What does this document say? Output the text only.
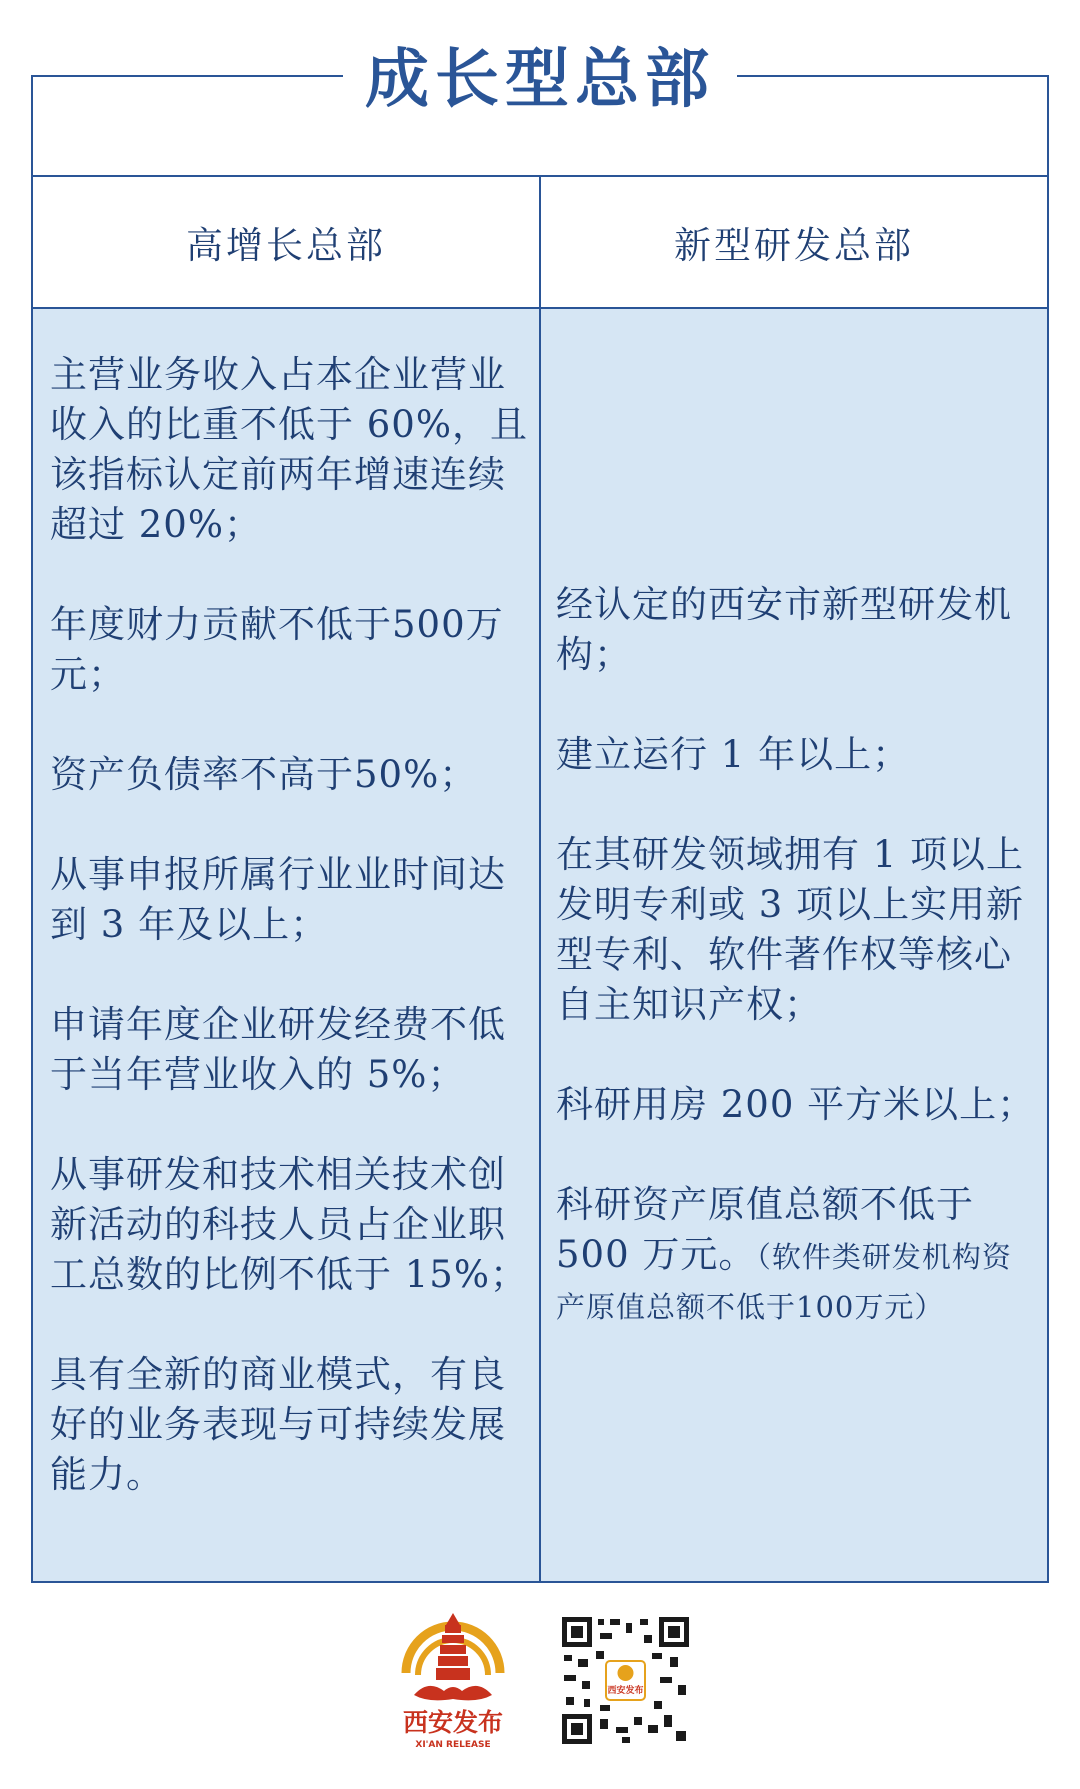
成长型总部
高增长总部	新型研发总部

主营业务收入占本企业营业收入的比重不低于 60%，且该指标认定前两年增速连续超过 20%；

年度财力贡献不低于500万元；

资产负债率不高于50%；

从事申报所属行业业时间达到 3 年及以上；

申请年度企业研发经费不低于当年营业收入的 5%；

从事研发和技术相关技术创新活动的科技人员占企业职工总数的比例不低于 15%；

具有全新的商业模式，有良好的业务表现与可持续发展能力。

经认定的西安市新型研发机构；

建立运行 1 年以上；

在其研发领域拥有 1 项以上发明专利或 3 项以上实用新型专利、软件著作权等核心自主知识产权；

科研用房 200 平方米以上；

科研资产原值总额不低于 500 万元。（软件类研发机构资产原值总额不低于100万元）

西安发布
XI'AN RELEASE
西安发布
